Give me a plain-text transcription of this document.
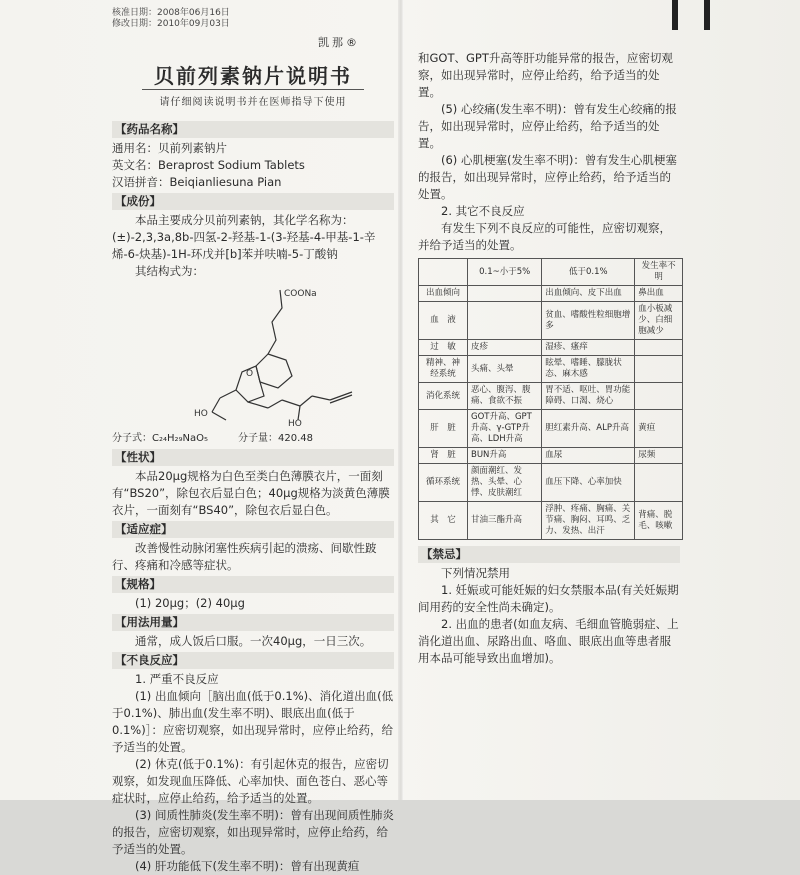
核准日期：2008年06月16日
修改日期：2010年09月03日
贝前列素钠片说明书
请仔细阅读说明书并在医师指导下使用
【药品名称】
通用名：贝前列素钠片
英文名：Beraprost Sodium Tablets
汉语拼音：Beiqianliesuna Pian
【成份】
本品主要成分贝前列素钠，其化学名称为：(±)-2,3,3a,8b-四氢-2-羟基-1-(3-羟基-4-甲基-1-辛烯-6-炔基)-1H-环戊并[b]苯并呋喃-5-丁酸钠
其结构式为：
COONa
O
HO
HO
分子式：C₂₄H₂₉NaO₅	分子量：420.48
【性状】
本品20μg规格为白色至类白色薄膜衣片，一面刻有“BS20”，除包衣后显白色；40μg规格为淡黄色薄膜衣片，一面刻有“BS40”，除包衣后显白色。
【适应症】
改善慢性动脉闭塞性疾病引起的溃疡、间歇性跛行、疼痛和冷感等症状。
【规格】
(1) 20μg；(2) 40μg
【用法用量】
通常，成人饭后口服。一次40μg，一日三次。
【不良反应】
1. 严重不良反应
(1) 出血倾向［脑出血(低于0.1%)、消化道出血(低于0.1%)、肺出血(发生率不明)、眼底出血(低于0.1%)］：应密切观察，如出现异常时，应停止给药，给予适当的处置。
(2) 休克(低于0.1%)：有引起休克的报告，应密切观察，如发现血压降低、心率加快、面色苍白、恶心等症状时，应停止给药，给予适当的处置。
(3) 间质性肺炎(发生率不明)：曾有出现间质性肺炎的报告，应密切观察，如出现异常时，应停止给药，给予适当的处置。
(4) 肝功能低下(发生率不明)：曾有出现黄疸
凯那®
和GOT、GPT升高等肝功能异常的报告，应密切观察，如出现异常时，应停止给药，给予适当的处置。
(5) 心绞痛(发生率不明)：曾有发生心绞痛的报告，如出现异常时，应停止给药，给予适当的处置。
(6) 心肌梗塞(发生率不明)：曾有发生心肌梗塞的报告，如出现异常时，应停止给药，给予适当的处置。
2. 其它不良反应
有发生下列不良反应的可能性，应密切观察，并给予适当的处置。
	0.1~小于5%	低于0.1%	发生率不明
出血倾向		出血倾向、皮下出血	鼻出血
血　液		贫血、嗜酸性粒细胞增多	血小板减少、白细胞减少
过　敏	皮疹	湿疹、瘙痒	
精神、神经系统	头痛、头晕	眩晕、嗜睡、朦胧状态、麻木感	
消化系统	恶心、腹泻、腹痛、食欲不振	胃不适、呕吐、胃功能障碍、口渴、烧心	
肝　脏	GOT升高、GPT升高、γ-GTP升高、LDH升高	胆红素升高、ALP升高	黄疸
肾　脏	BUN升高	血尿	尿频
循环系统	颜面潮红、发热、头晕、心悸、皮肤潮红	血压下降、心率加快	
其　它	甘油三酯升高	浮肿、疼痛、胸痛、关节痛、胸闷、耳鸣、乏力、发热、出汗	背痛、脱毛、咳嗽
【禁忌】
下列情况禁用
1. 妊娠或可能妊娠的妇女禁服本品(有关妊娠期间用药的安全性尚未确定)。
2. 出血的患者(如血友病、毛细血管脆弱症、上消化道出血、尿路出血、咯血、眼底出血等患者服用本品可能导致出血增加)。
